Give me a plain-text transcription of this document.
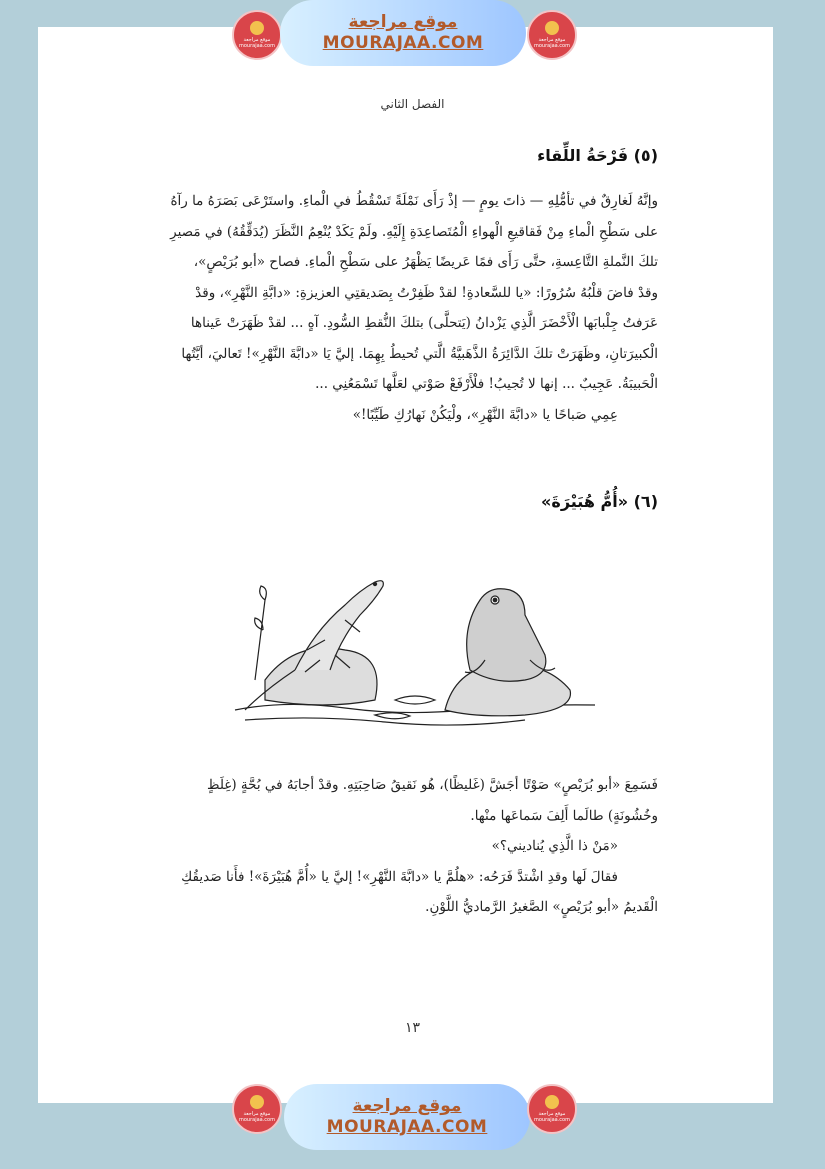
موقع مراجعة
mourajaa.com
موقع مراجعة
MOURAJAA.COM	موقع مراجعة
mourajaa.com
الفصل الثاني
(٥) فَرْحَةُ اللِّقاء

وإنَّهُ لَغارِقٌ في تأمُّلِهِ — ذاتَ يومٍ — إذْ رَأَى نَمْلَةً تَسْقُطُ في الْماءِ. واستَرْعَى بَصَرَهُ ما رآهُ

على سَطْحِ الْماءِ مِنْ فَقاقيعِ الْهواءِ الْمُتَصاعِدَةِ إِلَيْهِ. ولَمْ يَكَدْ يُنْعِمُ النَّظَرَ (يُدَقِّقُهُ) في مَصيرِ

تلكَ النَّملةِ التَّاعِسةِ، حتَّى رَأَى فمًا عَريضًا يَظْهَرُ على سَطْحِ الْماءِ. فصاح «أبو بُرَيْصٍ»،

وقدْ فاضَ قلْبُهُ سُرُورًا: «يا للسَّعادةِ! لقدْ ظَفِرْتُ بِصَديقتِي العزيزةِ: «دابَّةِ النَّهْرِ»، وقدْ

عَرَفتُ جِلْبابَها الْأَخْضَرَ الَّذِي يَزْدانُ (يَتحلَّى) بتلكَ النُّقطِ السُّودِ. آهٍ ... لقدْ ظَهَرَتْ عَيناها

الْكبيرَتانِ، وظَهَرَتْ تلكَ الدَّائِرَةُ الذَّهَبيَّةُ الَّتي تُحيطُ بِهِمَا. إليَّ يَا «دابَّةَ النَّهْرِ»! تَعاليَ، أيَّتُها

الْحَبيبَةُ. عَجِيبٌ ... إنها لا تُجيبُ! فلْأَرْفَعْ صَوْتي لعَلَّها تَسْمَعُنِي ...

عِمِي صَباحًا يا «دابَّةَ النَّهْرِ»، ولْيَكُنْ نَهارُكِ طَيِّبًا!»

(٦) «أُمُّ هُبَيْرَةَ»

فَسَمِعَ «أبو بُرَيْصٍ» صَوْتًا أجَشَّ (غَليظًا)، هُو نَقيقُ صَاحِبَتِهِ. وقدْ أجابَهُ في بُحَّةٍ (غِلَظٍ

وخُشُونَةٍ) طالَما أَلِفَ سَماعَها منْها.

«مَنْ ذا الَّذِي يُناديني؟»

فقالَ لَها وقدِ اشْتدَّ فَرَحُه: «هلُمَّ يا «دابَّةَ النَّهْرِ»! إليَّ يا «أُمَّ هُبَيْرَةَ»! فأَنا صَديقُكِ

الْقَديمُ «أبو بُرَيْصٍ» الصَّغيرُ الرَّماديُّ اللَّوْنِ.

١٣
موقع مراجعة
mourajaa.com
موقع مراجعة
MOURAJAA.COM
موقع مراجعة
mourajaa.com
